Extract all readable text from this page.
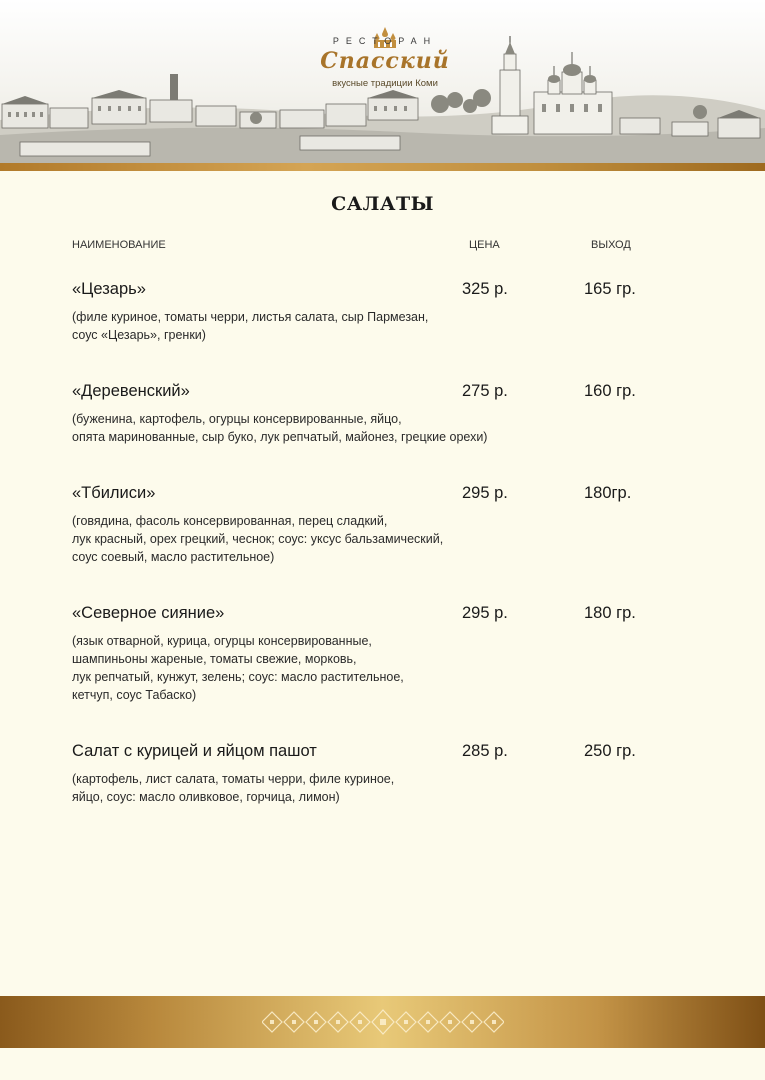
РЕСТОРАН
Спасский
вкусные традиции Коми
САЛАТЫ
НАИМЕНОВАНИЕ	ЦЕНА	ВЫХОД
«Цезарь»	325 р.	165 гр.
(филе куриное, томаты черри, листья салата, сыр Пармезан,
соус «Цезарь», гренки)
«Деревенский»	275 р.	160 гр.
(буженина, картофель, огурцы консервированные, яйцо,
опята маринованные, сыр буко, лук репчатый, майонез, грецкие орехи)
«Тбилиси»	295 р.	180гр.
(говядина, фасоль консервированная, перец сладкий,
лук красный, орех грецкий, чеснок; соус: уксус бальзамический,
соус соевый, масло растительное)
«Северное сияние»	295 р.	180 гр.
(язык отварной, курица, огурцы консервированные,
шампиньоны жареные, томаты свежие, морковь,
лук репчатый, кунжут, зелень; соус: масло растительное,
кетчуп, соус Табаско)
Салат с курицей и яйцом пашот	285 р.	250 гр.
(картофель, лист салата, томаты черри, филе куриное,
яйцо, соус: масло оливковое, горчица, лимон)
